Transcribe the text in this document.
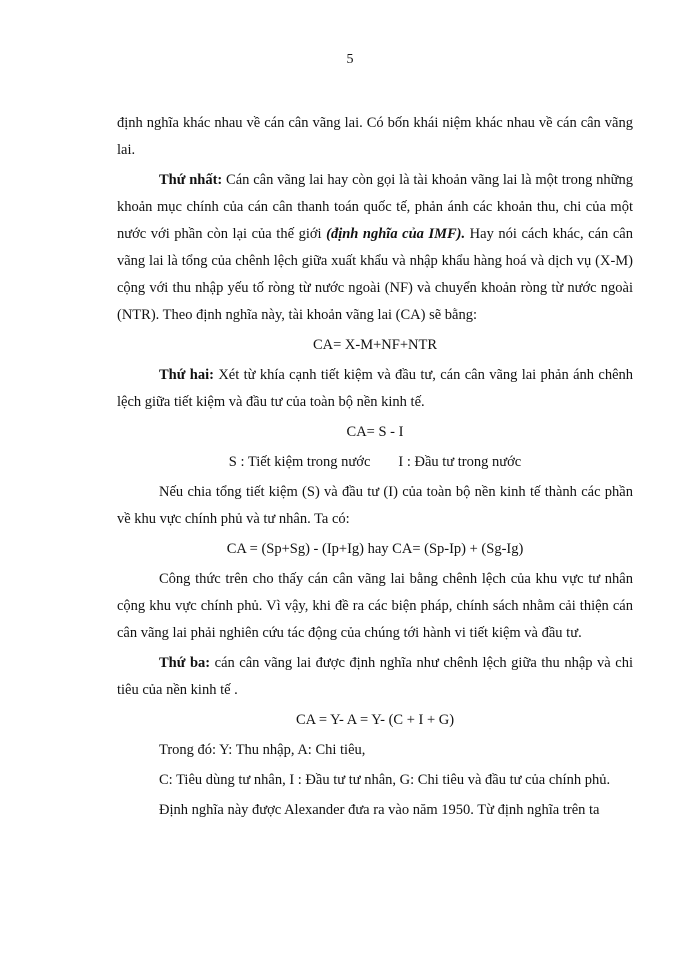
5

định nghĩa khác nhau về cán cân vãng lai. Có bốn khái niệm khác nhau về cán cân vãng lai.

Thứ nhất: Cán cân vãng lai hay còn gọi là tài khoản vãng lai là một trong những khoản mục chính của cán cân thanh toán quốc tế, phản ánh các khoản thu, chi của một nước với phần còn lại của thế giới (định nghĩa của IMF). Hay nói cách khác, cán cân vãng lai là tổng của chênh lệch giữa xuất khẩu và nhập khẩu hàng hoá và dịch vụ (X-M) cộng với thu nhập yếu tố ròng từ nước ngoài (NF) và chuyển khoản ròng từ nước ngoài (NTR). Theo định nghĩa này, tài khoản vãng lai (CA) sẽ bằng:

CA= X-M+NF+NTR

Thứ hai: Xét từ khía cạnh tiết kiệm và đầu tư, cán cân vãng lai phản ánh chênh lệch giữa tiết kiệm và đầu tư của toàn bộ nền kinh tế.

CA= S - I

S : Tiết kiệm trong nước I : Đầu tư trong nước

Nếu chia tổng tiết kiệm (S) và đầu tư (I) của toàn bộ nền kinh tế thành các phần về khu vực chính phủ và tư nhân. Ta có:

CA = (Sp+Sg) - (Ip+Ig) hay CA= (Sp-Ip) + (Sg-Ig)

Công thức trên cho thấy cán cân vãng lai bằng chênh lệch của khu vực tư nhân cộng khu vực chính phủ. Vì vậy, khi đề ra các biện pháp, chính sách nhằm cải thiện cán cân vãng lai phải nghiên cứu tác động của chúng tới hành vi tiết kiệm và đầu tư.

Thứ ba: cán cân vãng lai được định nghĩa như chênh lệch giữa thu nhập và chi tiêu của nền kinh tế .

CA = Y- A = Y- (C + I + G)

Trong đó: Y: Thu nhập, A: Chi tiêu,

C: Tiêu dùng tư nhân, I : Đầu tư tư nhân, G: Chi tiêu và đầu tư của chính phủ.

Định nghĩa này được Alexander đưa ra vào năm 1950. Từ định nghĩa trên ta
